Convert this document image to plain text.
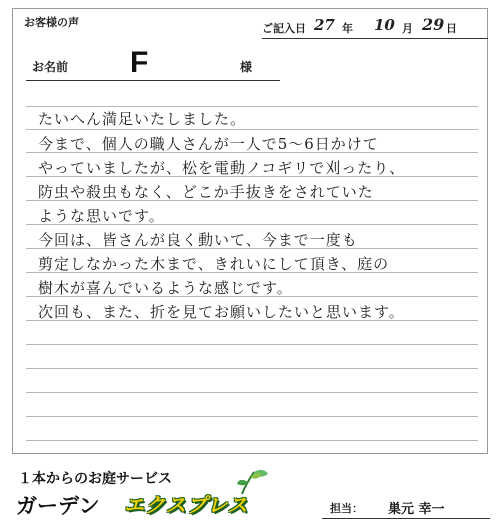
お客様の声	ご記入日 27 年 10 月 29 日
お名前 F	様
たいへん満足いたしました。
今まで、個人の職人さんが一人で5～6日かけて
やっていましたが、松を電動ノコギリで刈ったり、
防虫や殺虫もなく、どこか手抜きをされていた
ような思いです。
今回は、皆さんが良く動いて、今まで一度も
剪定しなかった木まで、きれいにして頂き、庭の
樹木が喜んでいるような感じです。
次回も、また、折を見てお願いしたいと思います。
１本からのお庭サービス
ガーデン エクスプレス	担当： 巣元 幸一
